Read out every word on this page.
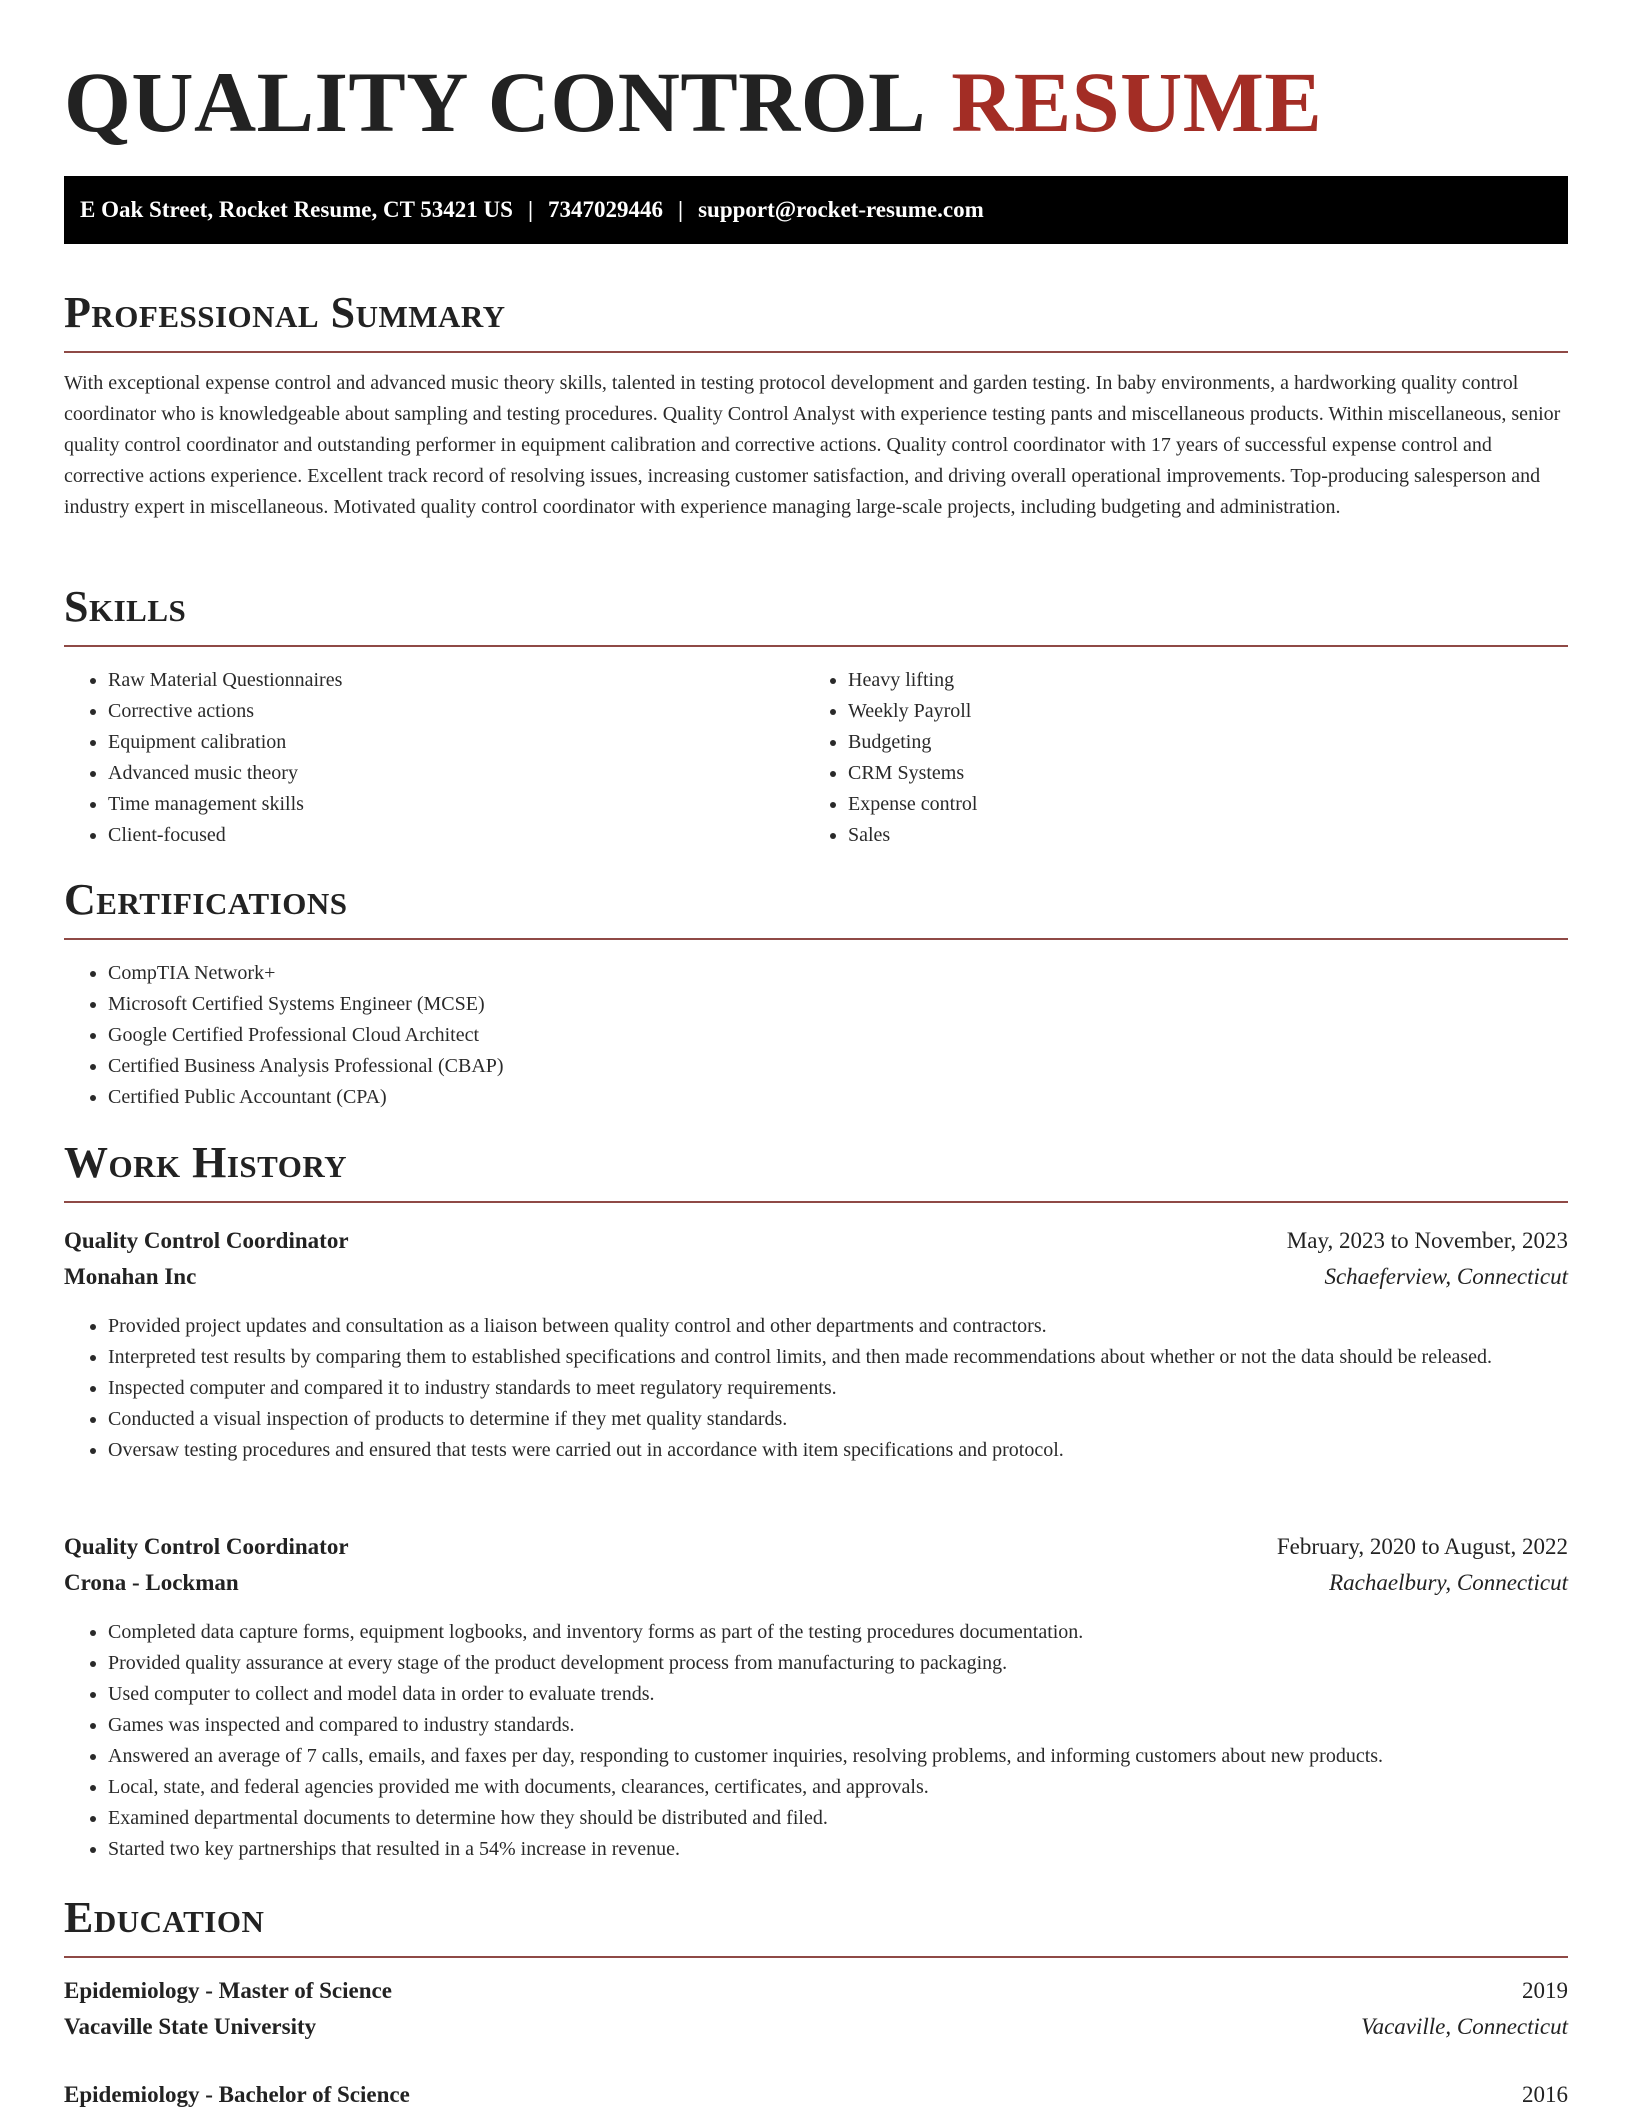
QUALITY CONTROL RESUME
E Oak Street, Rocket Resume, CT 53421 US | 7347029446 | support@rocket-resume.com
Professional Summary

With exceptional expense control and advanced music theory skills, talented in testing protocol development and garden testing. In baby environments, a hardworking quality control coordinator who is knowledgeable about sampling and testing procedures. Quality Control Analyst with experience testing pants and miscellaneous products. Within miscellaneous, senior quality control coordinator and outstanding performer in equipment calibration and corrective actions. Quality control coordinator with 17 years of successful expense control and corrective actions experience. Excellent track record of resolving issues, increasing customer satisfaction, and driving overall operational improvements. Top-producing salesperson and industry expert in miscellaneous. Motivated quality control coordinator with experience managing large-scale projects, including budgeting and administration.

Skills
• Raw Material Questionnaires
• Corrective actions
• Equipment calibration
• Advanced music theory
• Time management skills
• Client-focused
• Heavy lifting
• Weekly Payroll
• Budgeting
• CRM Systems
• Expense control
• Sales
Certifications
• CompTIA Network+
• Microsoft Certified Systems Engineer (MCSE)
• Google Certified Professional Cloud Architect
• Certified Business Analysis Professional (CBAP)
• Certified Public Accountant (CPA)
Work History
Quality Control Coordinator	May, 2023 to November, 2023
Monahan Inc	Schaeferview, Connecticut
• Provided project updates and consultation as a liaison between quality control and other departments and contractors.
• Interpreted test results by comparing them to established specifications and control limits, and then made recommendations about whether or not the data should be released.
• Inspected computer and compared it to industry standards to meet regulatory requirements.
• Conducted a visual inspection of products to determine if they met quality standards.
• Oversaw testing procedures and ensured that tests were carried out in accordance with item specifications and protocol.
Quality Control Coordinator	February, 2020 to August, 2022
Crona - Lockman	Rachaelbury, Connecticut
• Completed data capture forms, equipment logbooks, and inventory forms as part of the testing procedures documentation.
• Provided quality assurance at every stage of the product development process from manufacturing to packaging.
• Used computer to collect and model data in order to evaluate trends.
• Games was inspected and compared to industry standards.
• Answered an average of 7 calls, emails, and faxes per day, responding to customer inquiries, resolving problems, and informing customers about new products.
• Local, state, and federal agencies provided me with documents, clearances, certificates, and approvals.
• Examined departmental documents to determine how they should be distributed and filed.
• Started two key partnerships that resulted in a 54% increase in revenue.
Education
Epidemiology - Master of Science	2019
Vacaville State University	Vacaville, Connecticut
Epidemiology - Bachelor of Science	2016
